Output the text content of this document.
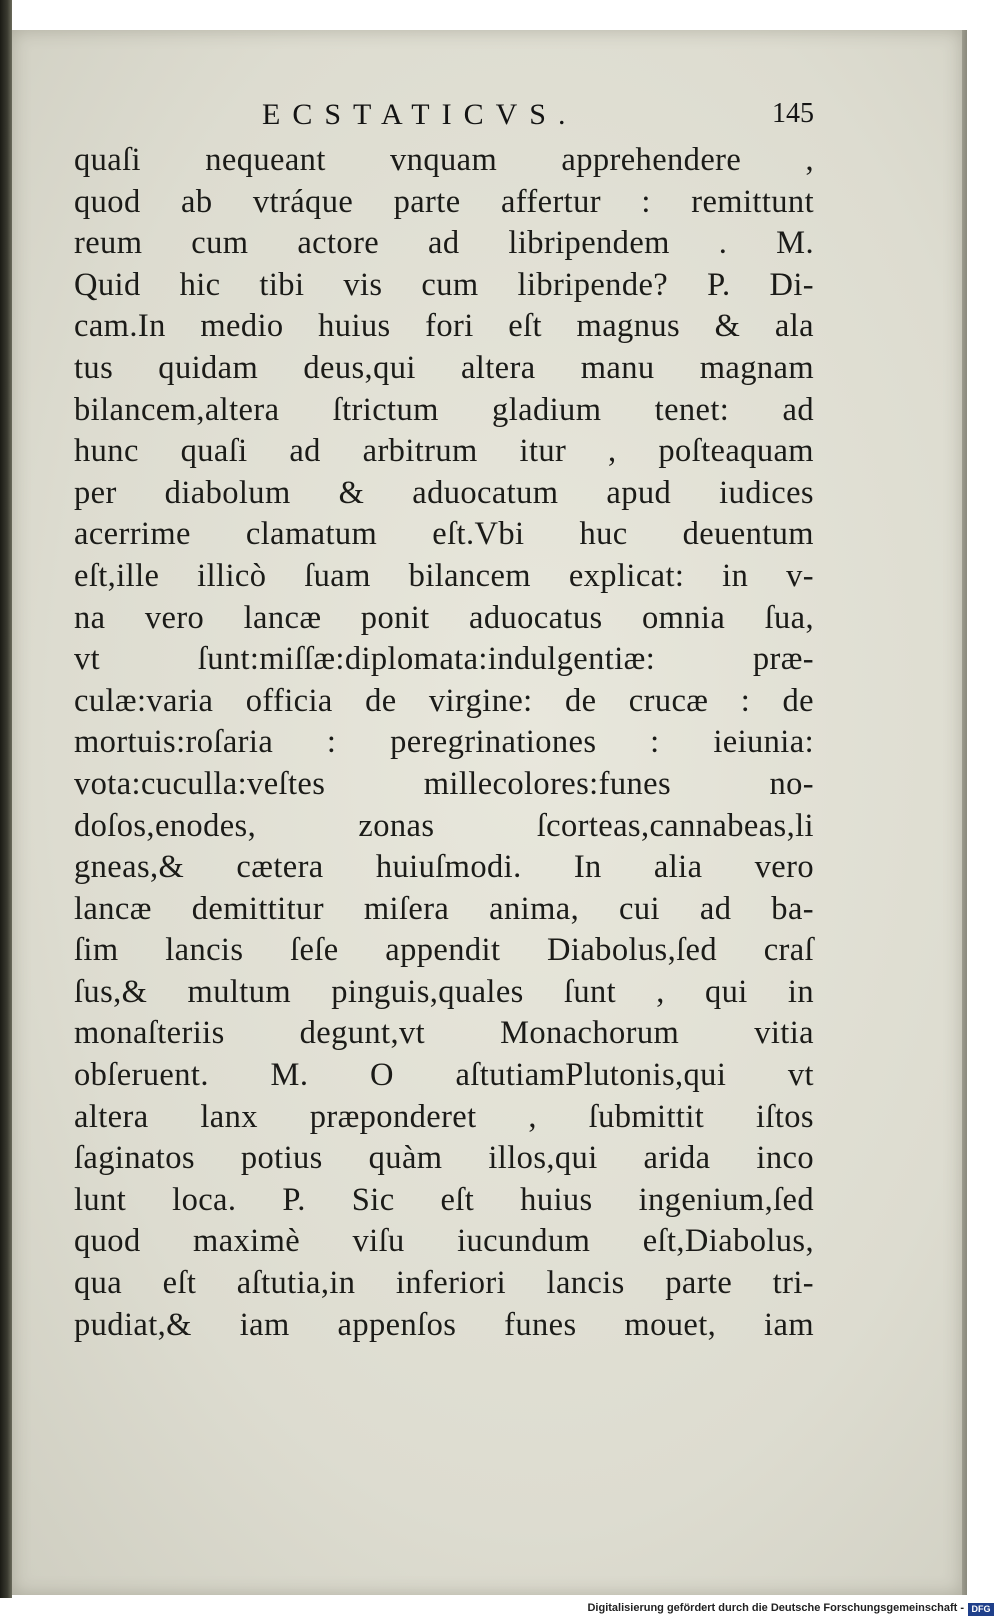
ECSTATICVS.	145
quaſi nequeant vnquam apprehendere ,
quod ab vtráque parte affertur : remittunt
reum cum actore ad libripendem . M.
Quid hic tibi vis cum libripende? P. Di-
cam.In medio huius fori eſt magnus & ala
tus quidam deus,qui altera manu magnam
bilancem,altera ſtrictum gladium tenet: ad
hunc quaſi ad arbitrum itur , poſteaquam
per diabolum & aduocatum apud iudices
acerrime clamatum eſt.Vbi huc deuentum
eſt,ille illicò ſuam bilancem explicat: in v-
na vero lancæ ponit aduocatus omnia ſua,
vt ſunt:miſſæ:diplomata:indulgentiæ: præ-
culæ:varia officia de virgine: de crucæ : de
mortuis:roſaria : peregrinationes : ieiunia:
vota:cuculla:veſtes millecolores:funes no-
doſos,enodes, zonas ſcorteas,cannabeas,li
gneas,& cætera huiuſmodi. In alia vero
lancæ demittitur miſera anima, cui ad ba-
ſim lancis ſeſe appendit Diabolus,ſed craſ
ſus,& multum pinguis,quales ſunt , qui in
monaſteriis degunt,vt Monachorum vitia
obſeruent. M. O aſtutiamPlutonis,qui vt
altera lanx præponderet , ſubmittit iſtos
ſaginatos potius quàm illos,qui arida inco
lunt loca. P. Sic eſt huius ingenium,ſed
quod maximè viſu iucundum eſt,Diabolus,
qua eſt aſtutia,in inferiori lancis parte tri-
pudiat,& iam appenſos funes mouet, iam
Digitalisierung gefördert durch die Deutsche Forschungsgemeinschaft - DFG
